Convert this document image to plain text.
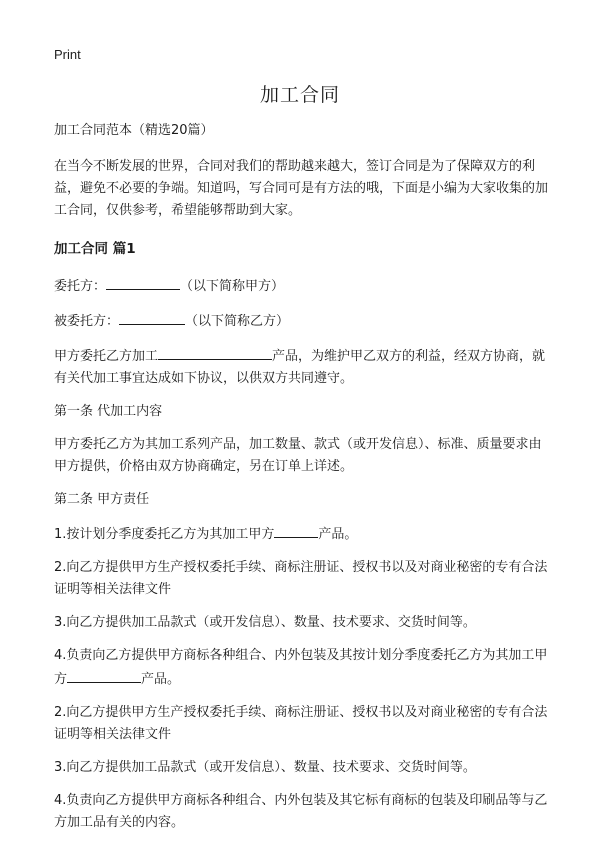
Print
加工合同

加工合同范本（精选20篇）

在当今不断发展的世界，合同对我们的帮助越来越大，签订合同是为了保障双方的利益，避免不必要的争端。知道吗，写合同可是有方法的哦，下面是小编为大家收集的加工合同，仅供参考，希望能够帮助到大家。

加工合同 篇1

委托方：	（以下简称甲方）

被委托方：	（以下简称乙方）

甲方委托乙方加工	产品，为维护甲乙双方的利益，经双方协商，就有关代加工事宜达成如下协议，以供双方共同遵守。

第一条 代加工内容

甲方委托乙方为其加工系列产品，加工数量、款式（或开发信息）、标准、质量要求由甲方提供，价格由双方协商确定，另在订单上详述。

第二条 甲方责任

1.按计划分季度委托乙方为其加工甲方	产品。

2.向乙方提供甲方生产授权委托手续、商标注册证、授权书以及对商业秘密的专有合法证明等相关法律文件

3.向乙方提供加工品款式（或开发信息）、数量、技术要求、交货时间等。

4.负责向乙方提供甲方商标各种组合、内外包装及其按计划分季度委托乙方为其加工甲方	产品。

2.向乙方提供甲方生产授权委托手续、商标注册证、授权书以及对商业秘密的专有合法证明等相关法律文件

3.向乙方提供加工品款式（或开发信息）、数量、技术要求、交货时间等。

4.负责向乙方提供甲方商标各种组合、内外包装及其它标有商标的包装及印刷品等与乙方加工品有关的内容。
